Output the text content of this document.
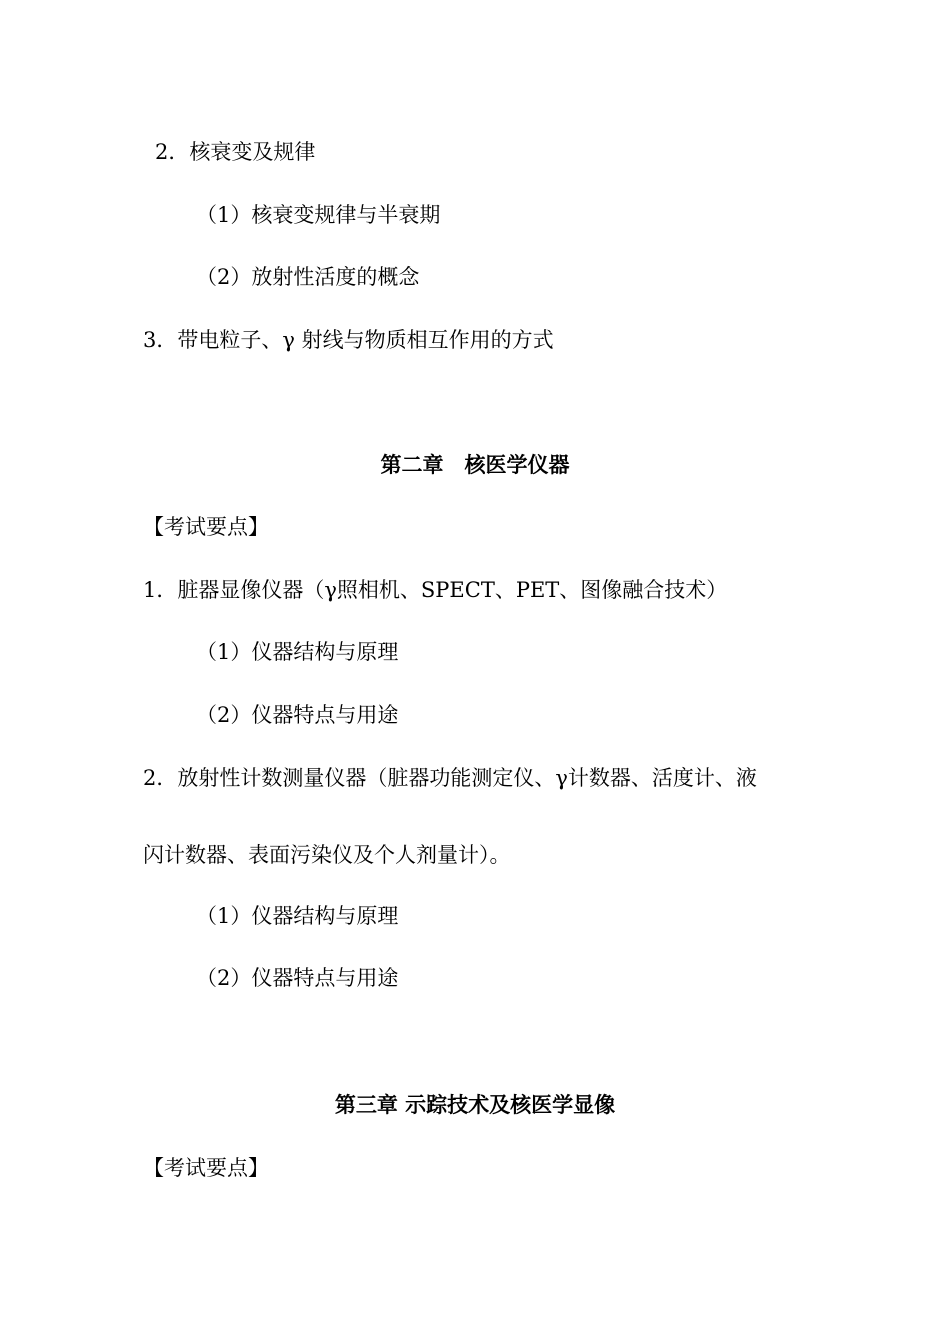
2．核衰变及规律
（1）核衰变规律与半衰期
（2）放射性活度的概念
3．带电粒子、γ 射线与物质相互作用的方式
第二章　核医学仪器
【考试要点】
1．脏器显像仪器（γ照相机、SPECT、PET、图像融合技术）
（1）仪器结构与原理
（2）仪器特点与用途
2．放射性计数测量仪器（脏器功能测定仪、γ计数器、活度计、液
闪计数器、表面污染仪及个人剂量计）。
（1）仪器结构与原理
（2）仪器特点与用途
第三章 示踪技术及核医学显像
【考试要点】
